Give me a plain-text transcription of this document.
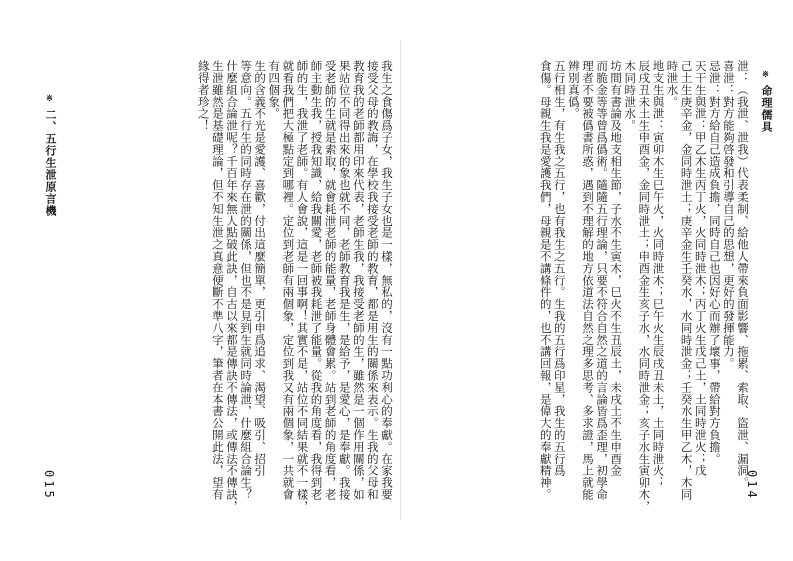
※ 命理儒具
014
泄：（我泄、泄我）代表柔制、給他人帶來負面影響、拖累、索取、盜泄、漏洞。
喜泄：對方能夠啓發和引導自己的思想，更好的發揮能力。
忌泄：對方給自己造成負擔，同時自己也因好心而辦了壞事，帶給對方負擔。
天干生與泄：甲乙木生丙丁火，火同時泄木；丙丁火生戊己土，土同時泄火；戊
己土生庚辛金，金同時泄土；庚辛金生壬癸水，水同時泄金；壬癸水生甲乙木，木同
時泄水。
地支生與泄：寅卯木生巳午火，火同時泄木；巳午火生辰戌丑未土，土同時泄火；
辰戌丑未土生申酉金，金同時泄土；申酉金生亥子水，水同時泄金；亥子水生寅卯木，
木同時泄水。
坊間有書論及地支相生節，子水不生寅木，巳火不生丑辰土，未戌土不生申酉金
而脆金等等曾爲僞術。隨隨五行理論，只要不符合自然之道的言論皆爲歪理，初學命
理者不要被僞書所惑，遇到不理解的地方依道法自然之理多思考、多求證，馬上就能
辨別真僞。
五行相生，有生我之五行，也有我生之五行。生我的五行爲印星，我生的五行爲
食傷。母親生我是愛護我們，母親是不講條件的，也不講回報，是偉大的奉獻精神。
我生之食傷爲子女，我生子女也是一樣，無私的，沒有一點功利心的奉獻。在家我要
接受父母的教誨，在學校我接受老師的教育，都是用生的關係來表示。生我的父母和
教育我的老師都用印來代表，老師生我，我接受老師的生，雖然是一個作用關係，如
果站位不同得出來的象也就不同，老師教育我是生，是給予，是愛心，是奉獻。我接
受老師的生就是索取，就會耗泄老師的能量，老師身體會累。站到老師的角度看，老
師主動生我，授我知識，給我關愛，老師被我耗泄了能量。從我的角度看，我得到老
師的生，我泄了老師。有人會說，這是一回事啊！其實不是，站位不同結果就不一樣，
就看我們把大極點定到哪裡。定位到老師有兩個象，定位到我又有兩個象，一共就會
有四個象。
生的含義不光是愛護、喜歡，付出這麼簡單，更引申爲追求、渴望、吸引、招引
等意向。五行生的同時存在泄的關係，但也不是見到生就同時論泄，什麼組合論生？
什麼組合論泄呢？千百年來無人點破此訣，自古以來都是傳訣不傳法，或傳法不傳訣，
生泄雖然是基礎理論，但不知生泄之真意便斷不準八字，筆者在本書公開此法，望有
緣得者珍之！
※ 二、五行生泄原言機
015
